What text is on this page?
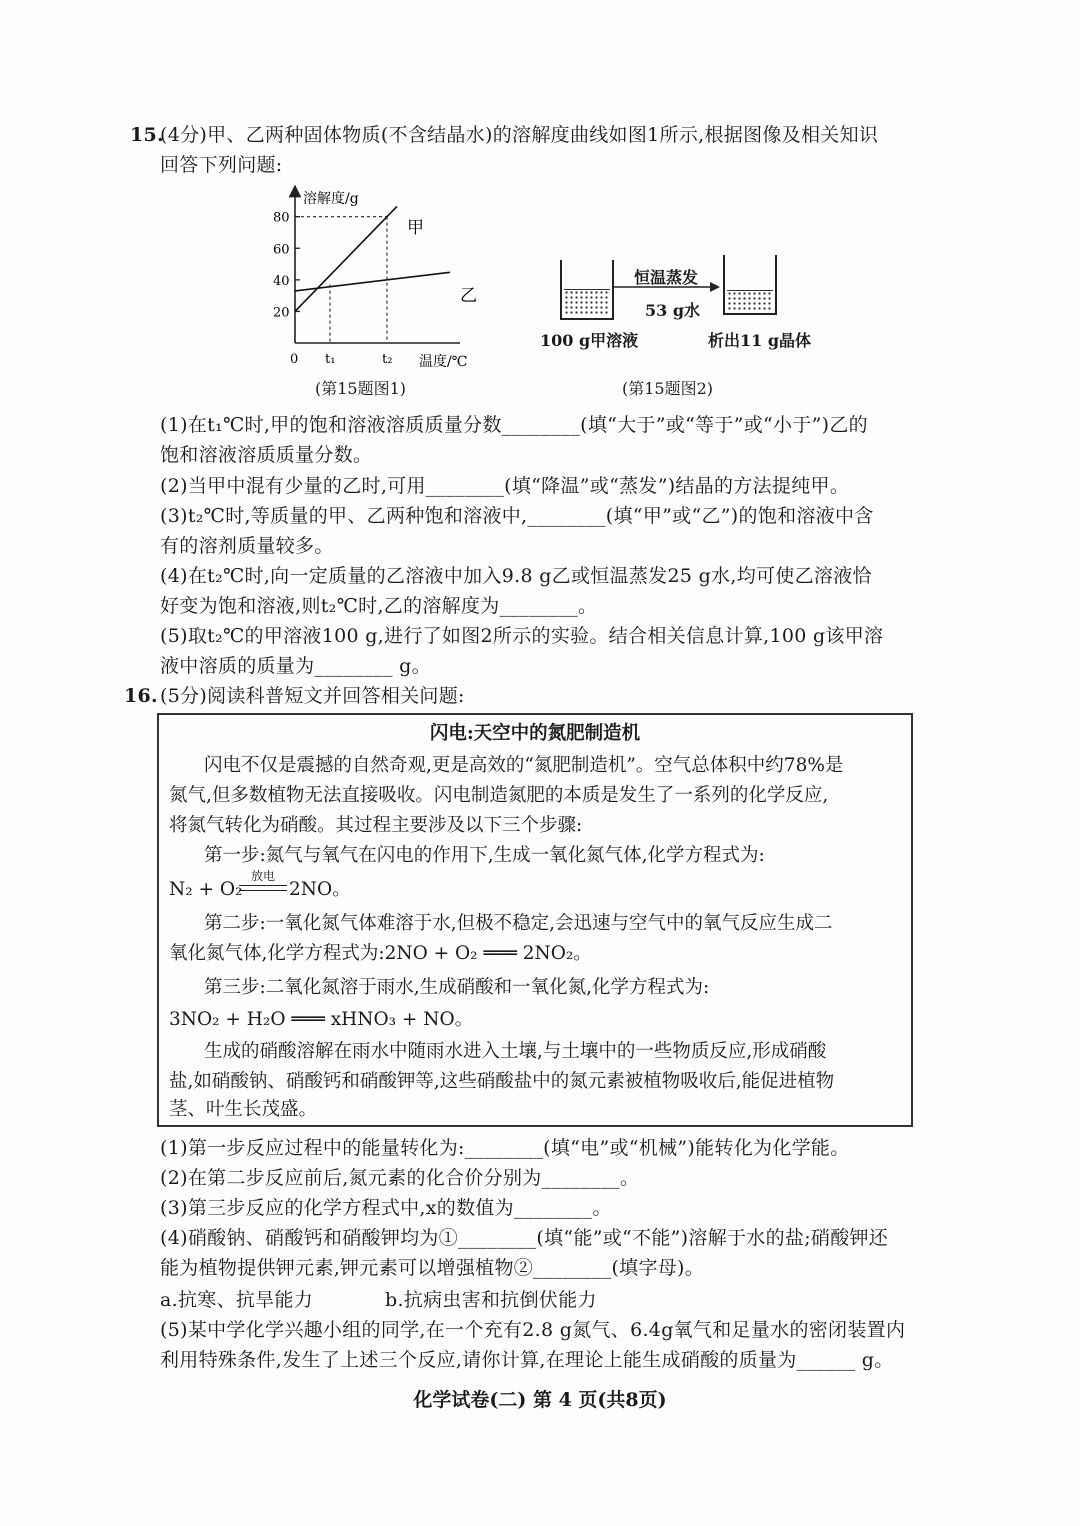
15.
(4分)甲、乙两种固体物质(不含结晶水)的溶解度曲线如图1所示,根据图像及相关知识
回答下列问题:
20
40
60
80
t₁	t₂
溶解度/g
温度/℃
0
甲
乙
(第15题图1)
恒温蒸发
53 g水
100 g甲溶液	析出11 g晶体
(第15题图2)
(1)在t₁℃时,甲的饱和溶液溶质质量分数________(填“大于”或“等于”或“小于”)乙的
饱和溶液溶质质量分数。
(2)当甲中混有少量的乙时,可用________(填“降温”或“蒸发”)结晶的方法提纯甲。
(3)t₂℃时,等质量的甲、乙两种饱和溶液中,________(填“甲”或“乙”)的饱和溶液中含
有的溶剂质量较多。
(4)在t₂℃时,向一定质量的乙溶液中加入9.8 g乙或恒温蒸发25 g水,均可使乙溶液恰
好变为饱和溶液,则t₂℃时,乙的溶解度为________。
(5)取t₂℃的甲溶液100 g,进行了如图2所示的实验。结合相关信息计算,100 g该甲溶
液中溶质的质量为________ g。
16. (5分)阅读科普短文并回答相关问题:
闪电:天空中的氮肥制造机
闪电不仅是震撼的自然奇观,更是高效的“氮肥制造机”。空气总体积中约78%是
氮气,但多数植物无法直接吸收。闪电制造氮肥的本质是发生了一系列的化学反应,
将氮气转化为硝酸。其过程主要涉及以下三个步骤:
第一步:氮气与氧气在闪电的作用下,生成一氧化氮气体,化学方程式为:
N₂ + O₂
放电
2NO。
第二步:一氧化氮气体难溶于水,但极不稳定,会迅速与空气中的氧气反应生成二
氧化氮气体,化学方程式为:2NO + O₂ ═══ 2NO₂。
第三步:二氧化氮溶于雨水,生成硝酸和一氧化氮,化学方程式为:
3NO₂ + H₂O ═══ xHNO₃ + NO。
生成的硝酸溶解在雨水中随雨水进入土壤,与土壤中的一些物质反应,形成硝酸
盐,如硝酸钠、硝酸钙和硝酸钾等,这些硝酸盐中的氮元素被植物吸收后,能促进植物
茎、叶生长茂盛。
(1)第一步反应过程中的能量转化为:________(填“电”或“机械”)能转化为化学能。
(2)在第二步反应前后,氮元素的化合价分别为________。
(3)第三步反应的化学方程式中,x的数值为________。
(4)硝酸钠、硝酸钙和硝酸钾均为①________(填“能”或“不能”)溶解于水的盐;硝酸钾还
能为植物提供钾元素,钾元素可以增强植物②________(填字母)。
a.抗寒、抗旱能力	b.抗病虫害和抗倒伏能力
(5)某中学化学兴趣小组的同学,在一个充有2.8 g氮气、6.4g氧气和足量水的密闭装置内
利用特殊条件,发生了上述三个反应,请你计算,在理论上能生成硝酸的质量为______ g。
化学试卷(二) 第 4 页(共8页)
